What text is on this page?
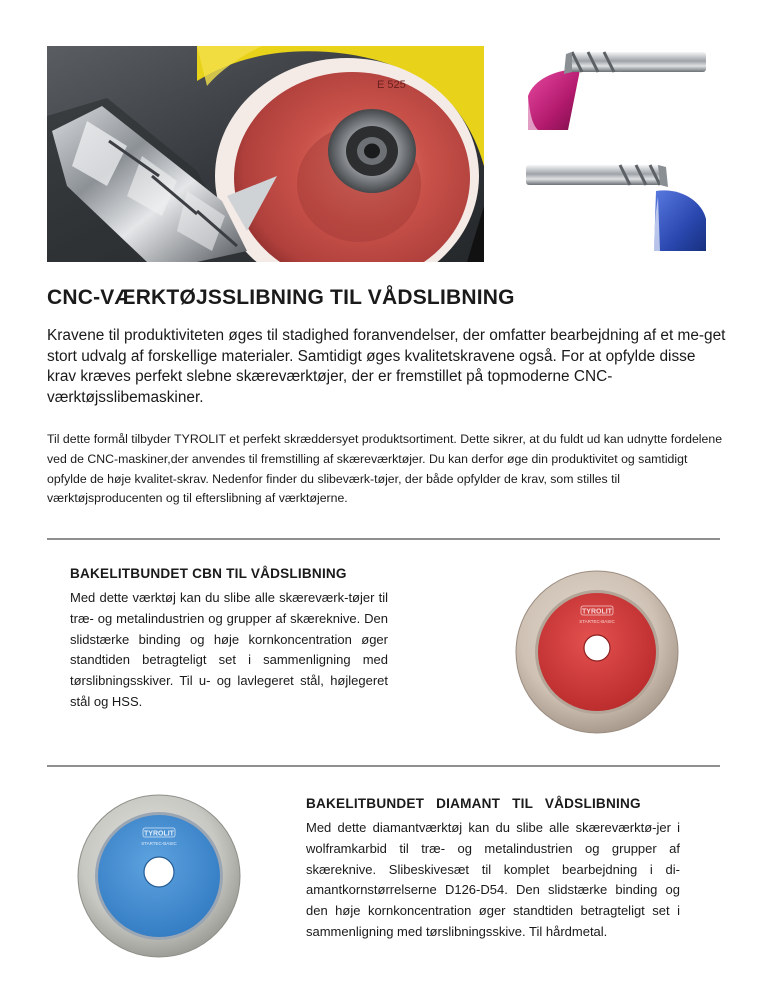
E 525
CNC-VÆRKTØJSSLIBNING TIL VÅDSLIBNING

Kravene til produktiviteten øges til stadighed foranvendelser, der omfatter bearbejdning af et me-get stort udvalg af forskellige materialer. Samtidigt øges kvalitetskravene også. For at opfylde disse krav kræves perfekt slebne skæreværktøjer, der er fremstillet på topmoderne CNC-værktøjsslibemaskiner.

Til dette formål tilbyder TYROLIT et perfekt skræddersyet produktsortiment. Dette sikrer, at du fuldt ud kan udnytte fordelene ved de CNC-maskiner,der anvendes til fremstilling af skæreværktøjer. Du kan derfor øge din produktivitet og samtidigt opfylde de høje kvalitet-skrav. Nedenfor finder du slibeværk-tøjer, der både opfylder de krav, som stilles til værktøjsproducenten og til efterslibning af værktøjerne.

BAKELITBUNDET CBN TIL VÅDSLIBNING

Med dette værktøj kan du slibe alle skæreværk-tøjer til træ- og metalindustrien og grupper af skæreknive. Den slidstærke binding og høje kornkoncentration øger standtiden betragteligt set i sammenligning med tørslibningsskiver. Til u- og lavlegeret stål, højlegeret stål og HSS.

TYROLIT
STARTEC-BASIC
TYROLIT
STARTEC-BASIC
BAKELITBUNDET DIAMANT TIL VÅDSLIBNING

Med dette diamantværktøj kan du slibe alle skæreværktø-jer i wolframkarbid til træ- og metalindustrien og grupper af skæreknive. Slibeskivesæt til komplet bearbejdning i di-amantkornstørrelserne D126-D54. Den slidstærke binding og den høje kornkoncentration øger standtiden betragteligt set i sammenligning med tørslibningsskive. Til hårdmetal.
